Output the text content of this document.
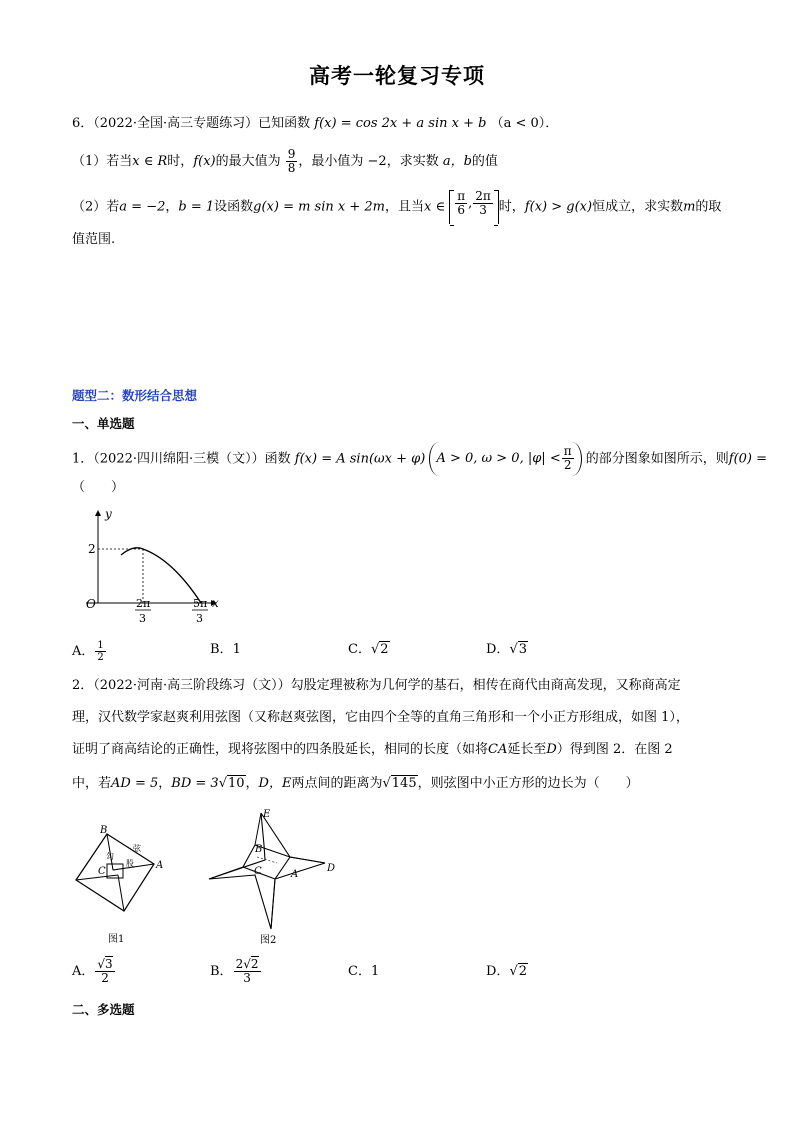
高考一轮复习专项
6．（2022·全国·高三专题练习）已知函数 f(x) = cos 2x + a sin x + b （a < 0）．
（1）若当x ∈ R时，f(x)的最大值为 $\frac{9}{8}$ ，最小值为 −2，求实数 a，b的值
（2）若a = −2，b = 1设函数g(x) = m sin x + 2m，且当x ∈ $\frac{\pi}{6}$ , $\frac{2\pi}{3}$ 时，f(x) > g(x)恒成立，求实数m的取
值范围.
题型二：数形结合思想
一、单选题
1．（2022·四川绵阳·三模（文））函数 f(x) = A sin(ωx + φ) A > 0, ω > 0, $|\varphi| < \frac{\pi}{2}$ 的部分图象如图所示，则f(0) =
（　　）
y
x
O
2
2π
3
5π
3
A． $\frac{1}{2}$	B．1	C．√2	D．√3
2．（2022·河南·高三阶段练习（文））勾股定理被称为几何学的基石，相传在商代由商高发现，又称商高定
理，汉代数学家赵爽利用弦图（又称赵爽弦图，它由四个全等的直角三角形和一个小正方形组成，如图 1），
证明了商高结论的正确性，现将弦图中的四条股延长，相同的长度（如将CA延长至D）得到图 2．在图 2
中，若AD = 5，BD = 3√10，D，E两点间的距离为√145，则弦图中小正方形的边长为（　　）
B
A
C
勾
股
弦
图1
E
B
C	A
D
图2
A． $\frac{√3}{2}$	B． $\frac{2√2}{3}$	C．1	D．√2
二、多选题
